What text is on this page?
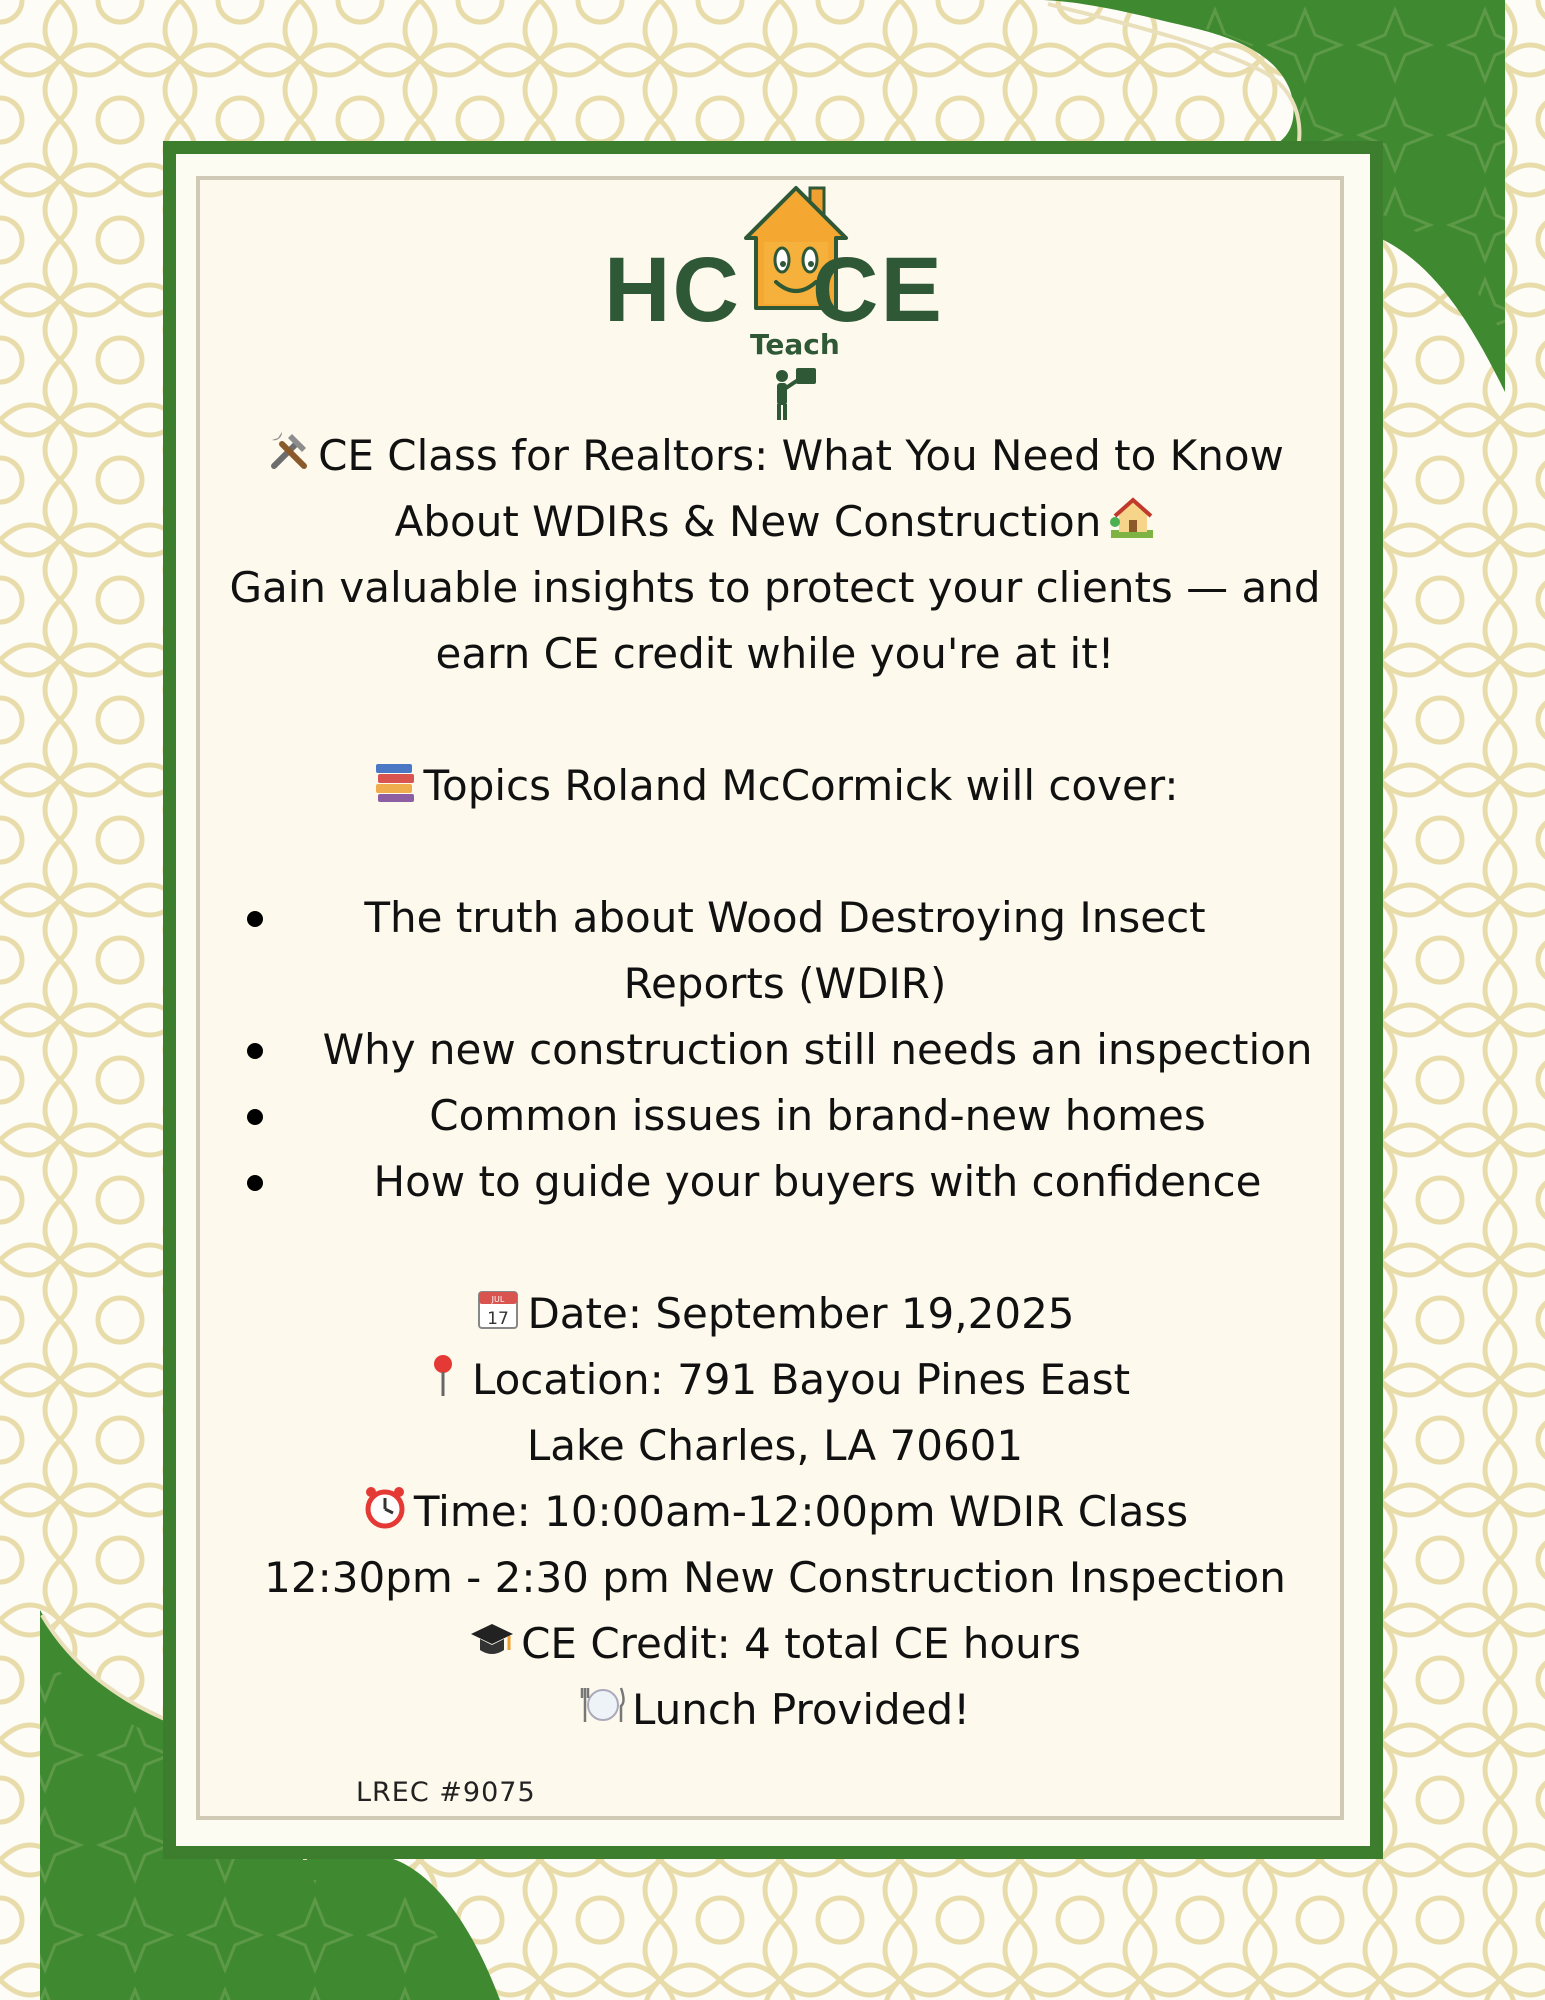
HC CE
Teach
CE Class for Realtors: What You Need to Know
About WDIRs & New Construction
Gain valuable insights to protect your clients — and
earn CE credit while you're at it!
Topics Roland McCormick will cover:
The truth about Wood Destroying Insect Reports (WDIR)
Why new construction still needs an inspection
Common issues in brand-new homes
How to guide your buyers with confidence
JUL
17 Date: September 19,2025
Location: 791 Bayou Pines East
Lake Charles, LA 70601
Time: 10:00am-12:00pm WDIR Class
12:30pm - 2:30 pm New Construction Inspection
CE Credit: 4 total CE hours
Lunch Provided!
LREC #9075
